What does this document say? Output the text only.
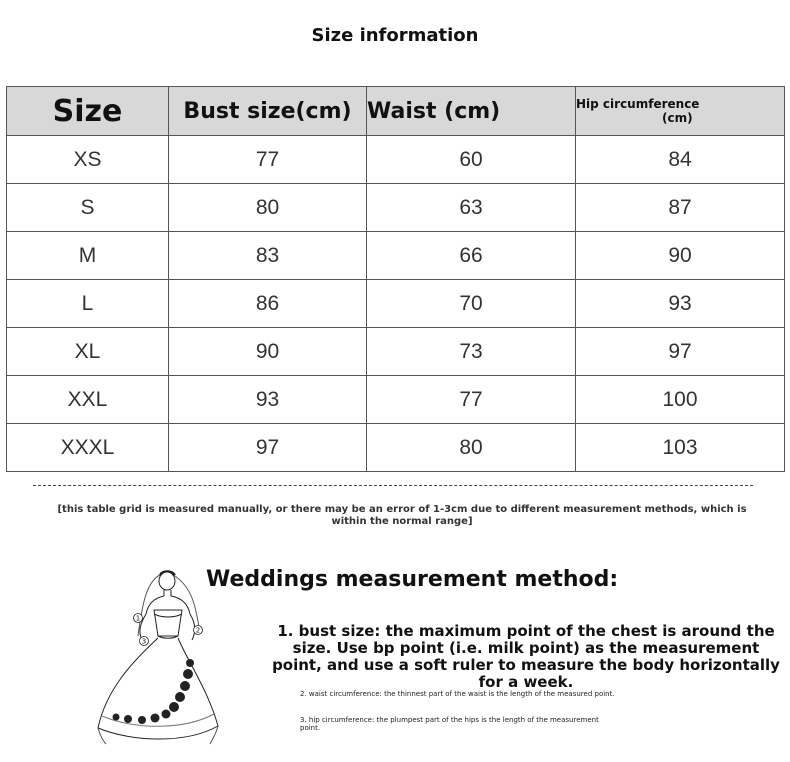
Size information
Size	Bust size(cm)	Waist (cm)	Hip circumference
(cm)

XS	77	60	84
S	80	63	87
M	83	66	90
L	86	70	93
XL	90	73	97
XXL	93	77	100
XXXL	97	80	103
[this table grid is measured manually, or there may be an error of 1-3cm due to different measurement methods, which is within the normal range]
1
2
3
Weddings measurement method:
1. bust size: the maximum point of the chest is around the size. Use bp point (i.e. milk point) as the measurement point, and use a soft ruler to measure the body horizontally for a week.
2. waist circumference: the thinnest part of the waist is the length of the measured point.
3. hip circumference: the plumpest part of the hips is the length of the measurement point.
